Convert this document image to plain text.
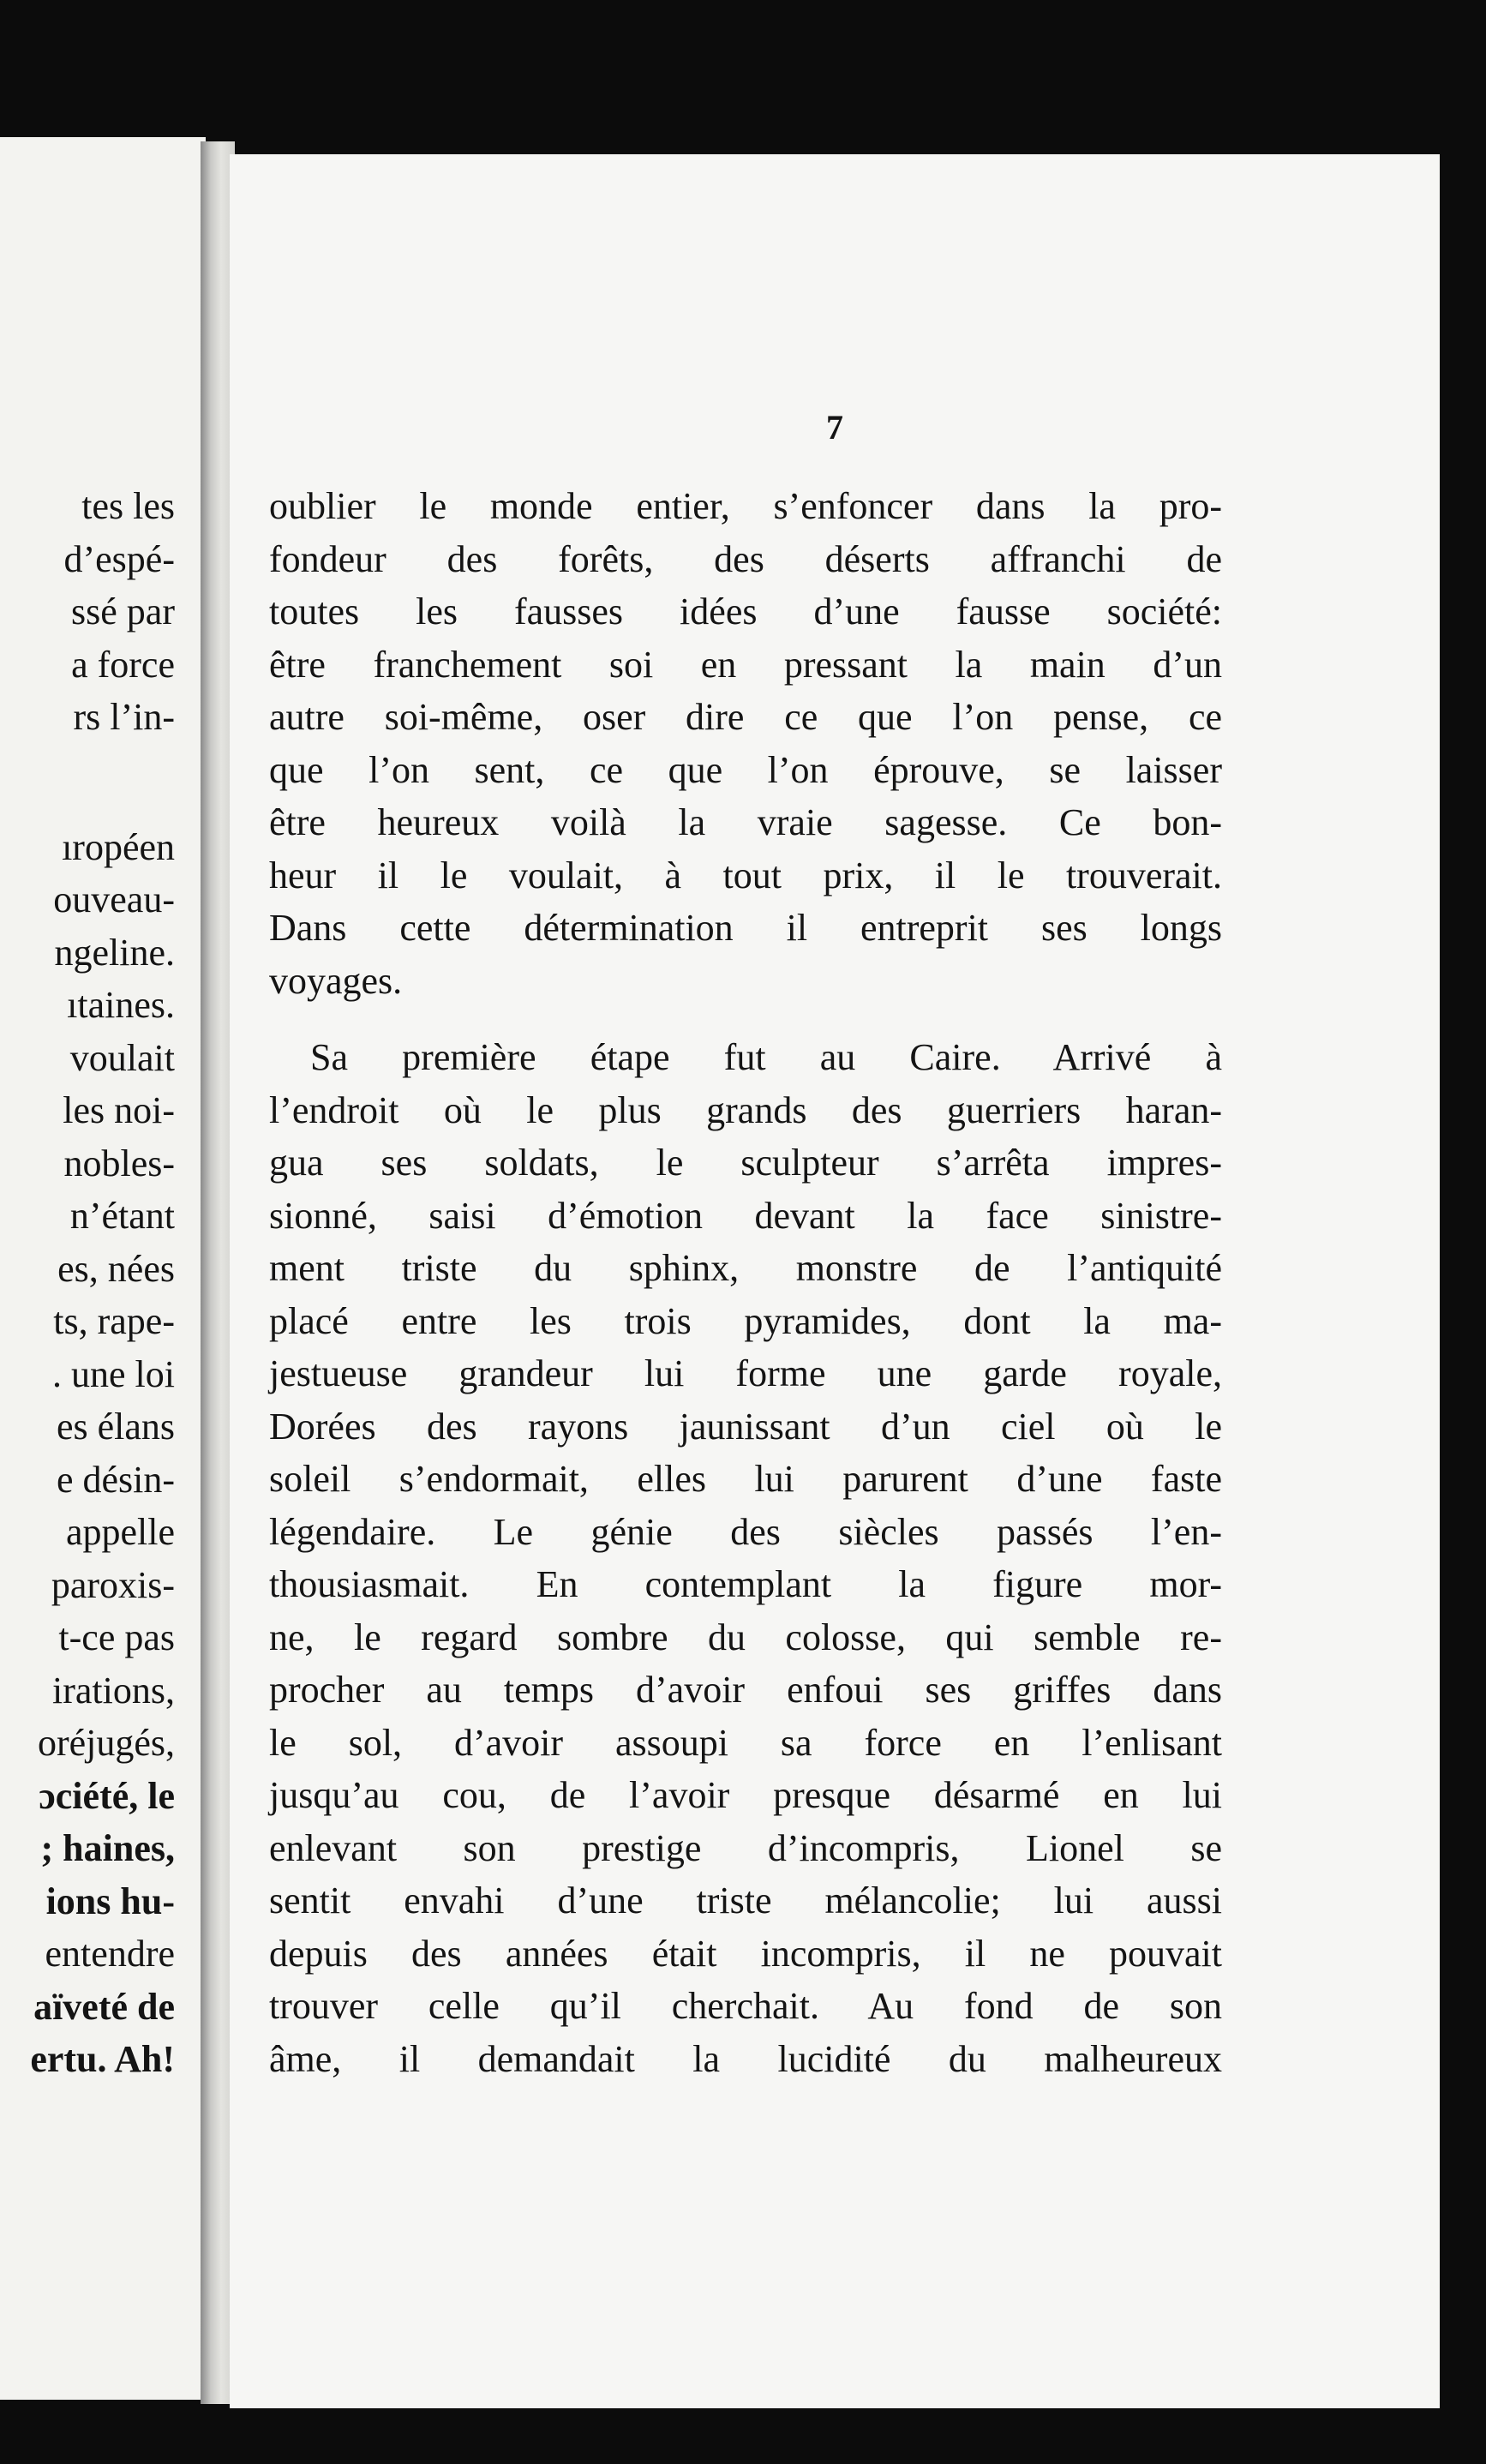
tes les
d’espé-
ssé par
a force
rs l’in-
ıropéen
ouveau-
ngeline.
ıtaines.
voulait
les noi-
nobles-
n’étant
es, nées
ts, rape-
. une loi
es élans
e désin-
appelle
paroxis-
t-ce pas
irations,
oréjugés,
ɔciété, le
; haines,
ions hu-
entendre
aïveté de
ertu. Ah!
7

oublier le monde entier, s’enfoncer dans la pro-
fondeur des forêts, des déserts affranchi de
toutes les fausses idées d’une fausse société:
être franchement soi en pressant la main d’un
autre soi-même, oser dire ce que l’on pense, ce
que l’on sent, ce que l’on éprouve, se laisser
être heureux voilà la vraie sagesse. Ce bon-
heur il le voulait, à tout prix, il le trouverait.
Dans cette détermination il entreprit ses longs
voyages.

Sa première étape fut au Caire. Arrivé à
l’endroit où le plus grands des guerriers haran-
gua ses soldats, le sculpteur s’arrêta impres-
sionné, saisi d’émotion devant la face sinistre-
ment triste du sphinx, monstre de l’antiquité
placé entre les trois pyramides, dont la ma-
jestueuse grandeur lui forme une garde royale,
Dorées des rayons jaunissant d’un ciel où le
soleil s’endormait, elles lui parurent d’une faste
légendaire. Le génie des siècles passés l’en-
thousiasmait. En contemplant la figure mor-
ne, le regard sombre du colosse, qui semble re-
procher au temps d’avoir enfoui ses griffes dans
le sol, d’avoir assoupi sa force en l’enlisant
jusqu’au cou, de l’avoir presque désarmé en lui
enlevant son prestige d’incompris, Lionel se
sentit envahi d’une triste mélancolie; lui aussi
depuis des années était incompris, il ne pouvait
trouver celle qu’il cherchait. Au fond de son
âme, il demandait la lucidité du malheureux
